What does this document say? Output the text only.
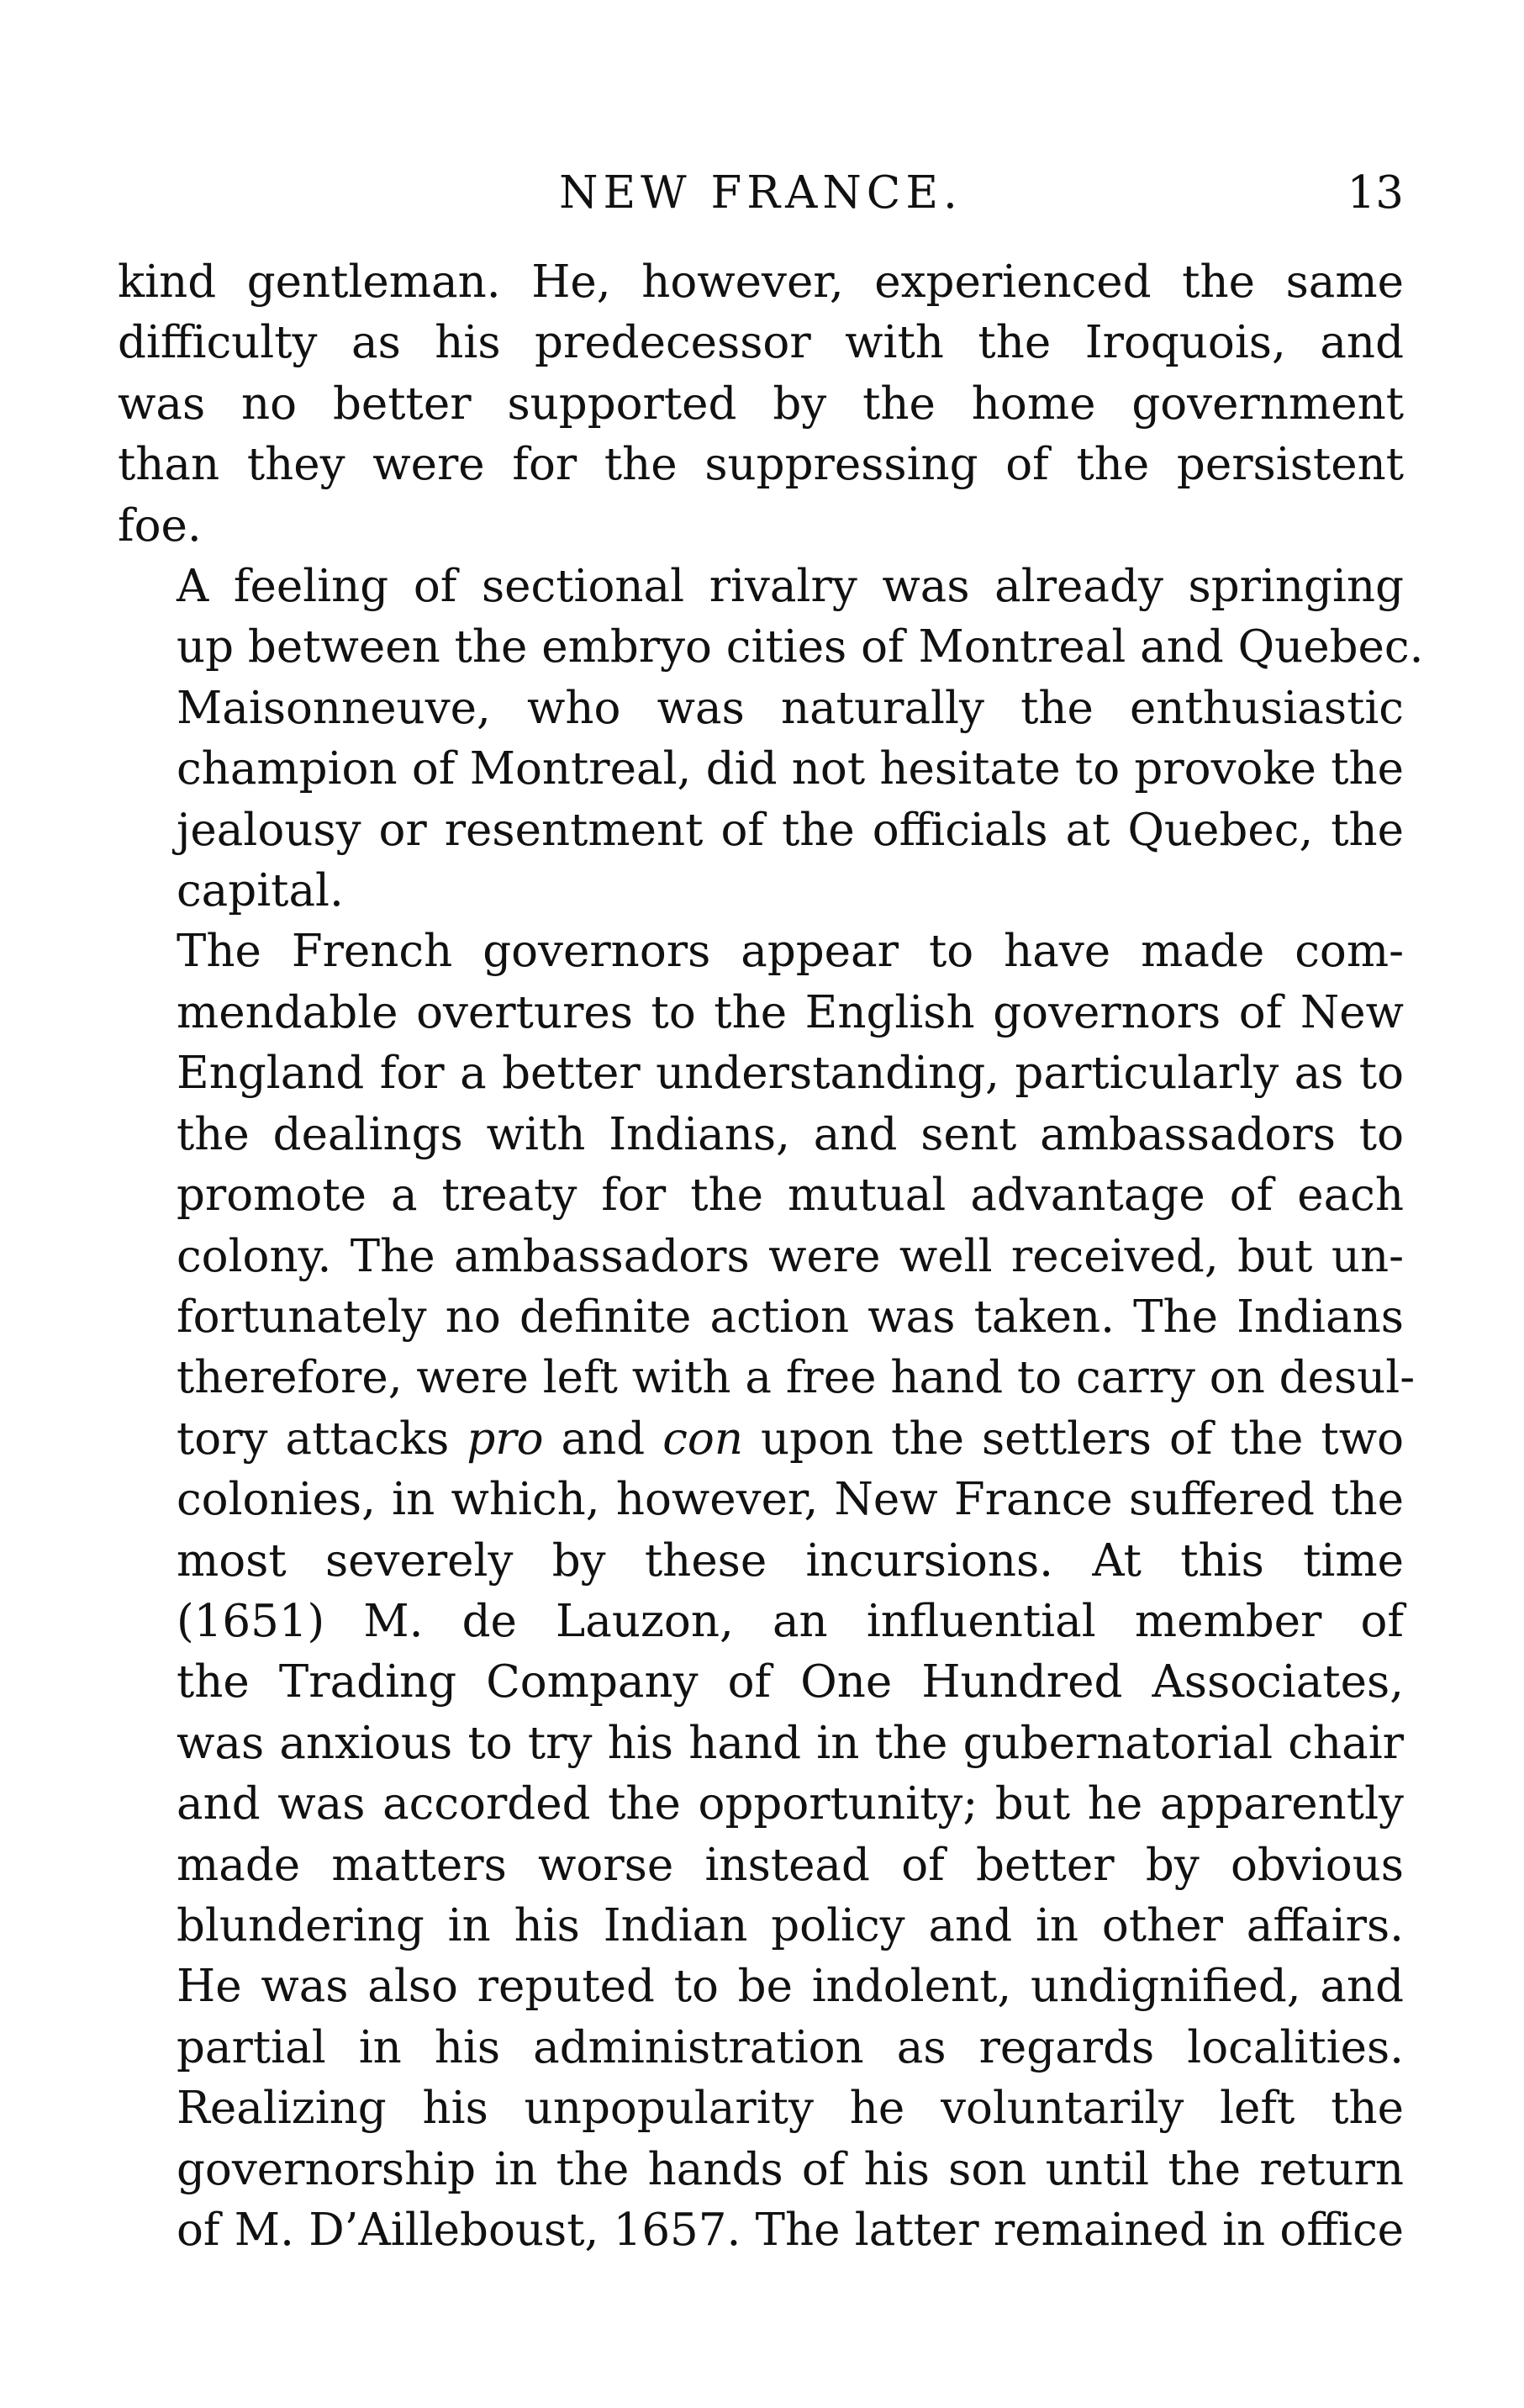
NEW FRANCE.	13

kind gentleman. He, however, experienced the same
difficulty as his predecessor with the Iroquois, and
was no better supported by the home government
than they were for the suppressing of the persistent
foe.

A feeling of sectional rivalry was already springing
up between the embryo cities of Montreal and Quebec.
Maisonneuve, who was naturally the enthusiastic
champion of Montreal, did not hesitate to provoke the
jealousy or resentment of the officials at Quebec, the
capital.

The French governors appear to have made com-
mendable overtures to the English governors of New
England for a better understanding, particularly as to
the dealings with Indians, and sent ambassadors to
promote a treaty for the mutual advantage of each
colony. The ambassadors were well received, but un-
fortunately no definite action was taken. The Indians
therefore, were left with a free hand to carry on desul-
tory attacks pro and con upon the settlers of the two
colonies, in which, however, New France suffered the
most severely by these incursions. At this time
(1651) M. de Lauzon, an influential member of
the Trading Company of One Hundred Associates,
was anxious to try his hand in the gubernatorial chair
and was accorded the opportunity; but he apparently
made matters worse instead of better by obvious
blundering in his Indian policy and in other affairs.
He was also reputed to be indolent, undignified, and
partial in his administration as regards localities.
Realizing his unpopularity he voluntarily left the
governorship in the hands of his son until the return
of M. D’Ailleboust, 1657. The latter remained in office
